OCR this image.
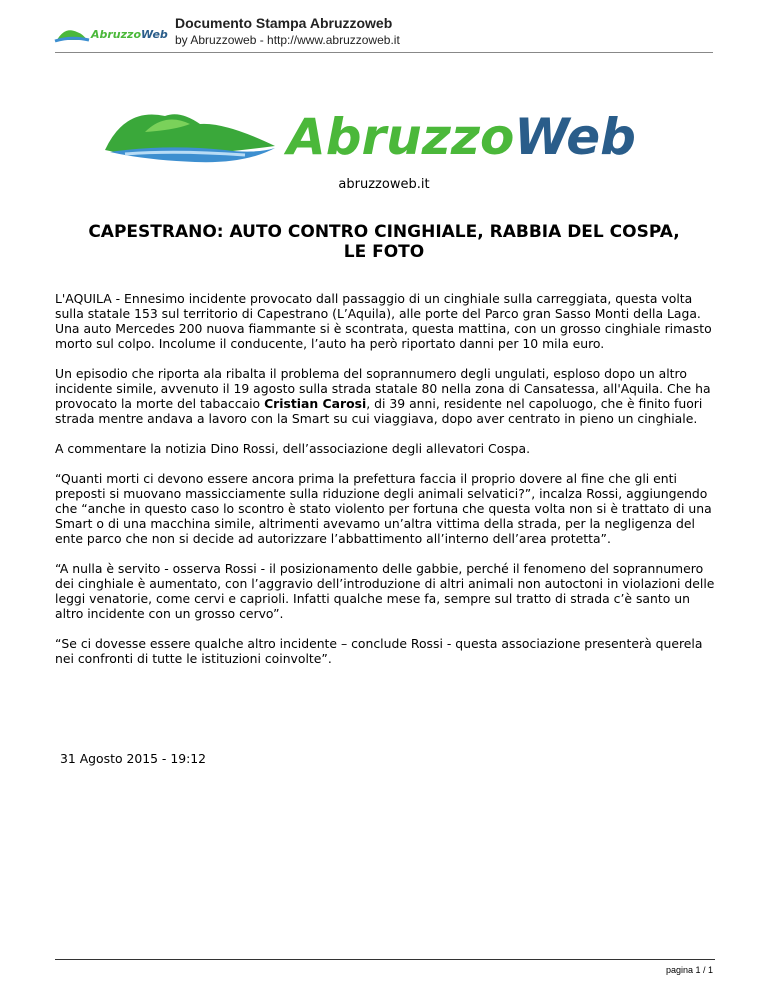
AbruzzoWeb
Documento Stampa Abruzzoweb
by Abruzzoweb - http://www.abruzzoweb.it
AbruzzoWeb
abruzzoweb.it
CAPESTRANO: AUTO CONTRO CINGHIALE, RABBIA DEL COSPA,
LE FOTO

L'AQUILA - Ennesimo incidente provocato dall passaggio di un cinghiale sulla carreggiata, questa volta sulla statale 153 sul territorio di Capestrano (L’Aquila), alle porte del Parco gran Sasso Monti della Laga.
Una auto Mercedes 200 nuova fiammante si è scontrata, questa mattina, con un grosso cinghiale rimasto morto sul colpo. Incolume il conducente, l’auto ha però riportato danni per 10 mila euro.

Un episodio che riporta ala ribalta il problema del soprannumero degli ungulati, esploso dopo un altro incidente simile, avvenuto il 19 agosto sulla strada statale 80 nella zona di Cansatessa, all'Aquila. Che ha provocato la morte del tabaccaio Cristian Carosi, di 39 anni, residente nel capoluogo, che è finito fuori strada mentre andava a lavoro con la Smart su cui viaggiava, dopo aver centrato in pieno un cinghiale.

A commentare la notizia Dino Rossi, dell’associazione degli allevatori Cospa.

“Quanti morti ci devono essere ancora prima la prefettura faccia il proprio dovere al fine che gli enti preposti si muovano massicciamente sulla riduzione degli animali selvatici?”, incalza Rossi, aggiungendo che “anche in questo caso lo scontro è stato violento per fortuna che questa volta non si è trattato di una Smart o di una macchina simile, altrimenti avevamo un’altra vittima della strada, per la negligenza del ente parco che non si decide ad autorizzare l’abbattimento all’interno dell’area protetta”.

“A nulla è servito - osserva Rossi - il posizionamento delle gabbie, perché il fenomeno del soprannumero dei cinghiale è aumentato, con l’aggravio dell’introduzione di altri animali non autoctoni in violazioni delle leggi venatorie, come cervi e caprioli. Infatti qualche mese fa, sempre sul tratto di strada c’è santo un altro incidente con un grosso cervo”.

“Se ci dovesse essere qualche altro incidente – conclude Rossi - questa associazione presenterà querela nei confronti di tutte le istituzioni coinvolte”.

31 Agosto 2015 - 19:12
pagina 1 / 1
